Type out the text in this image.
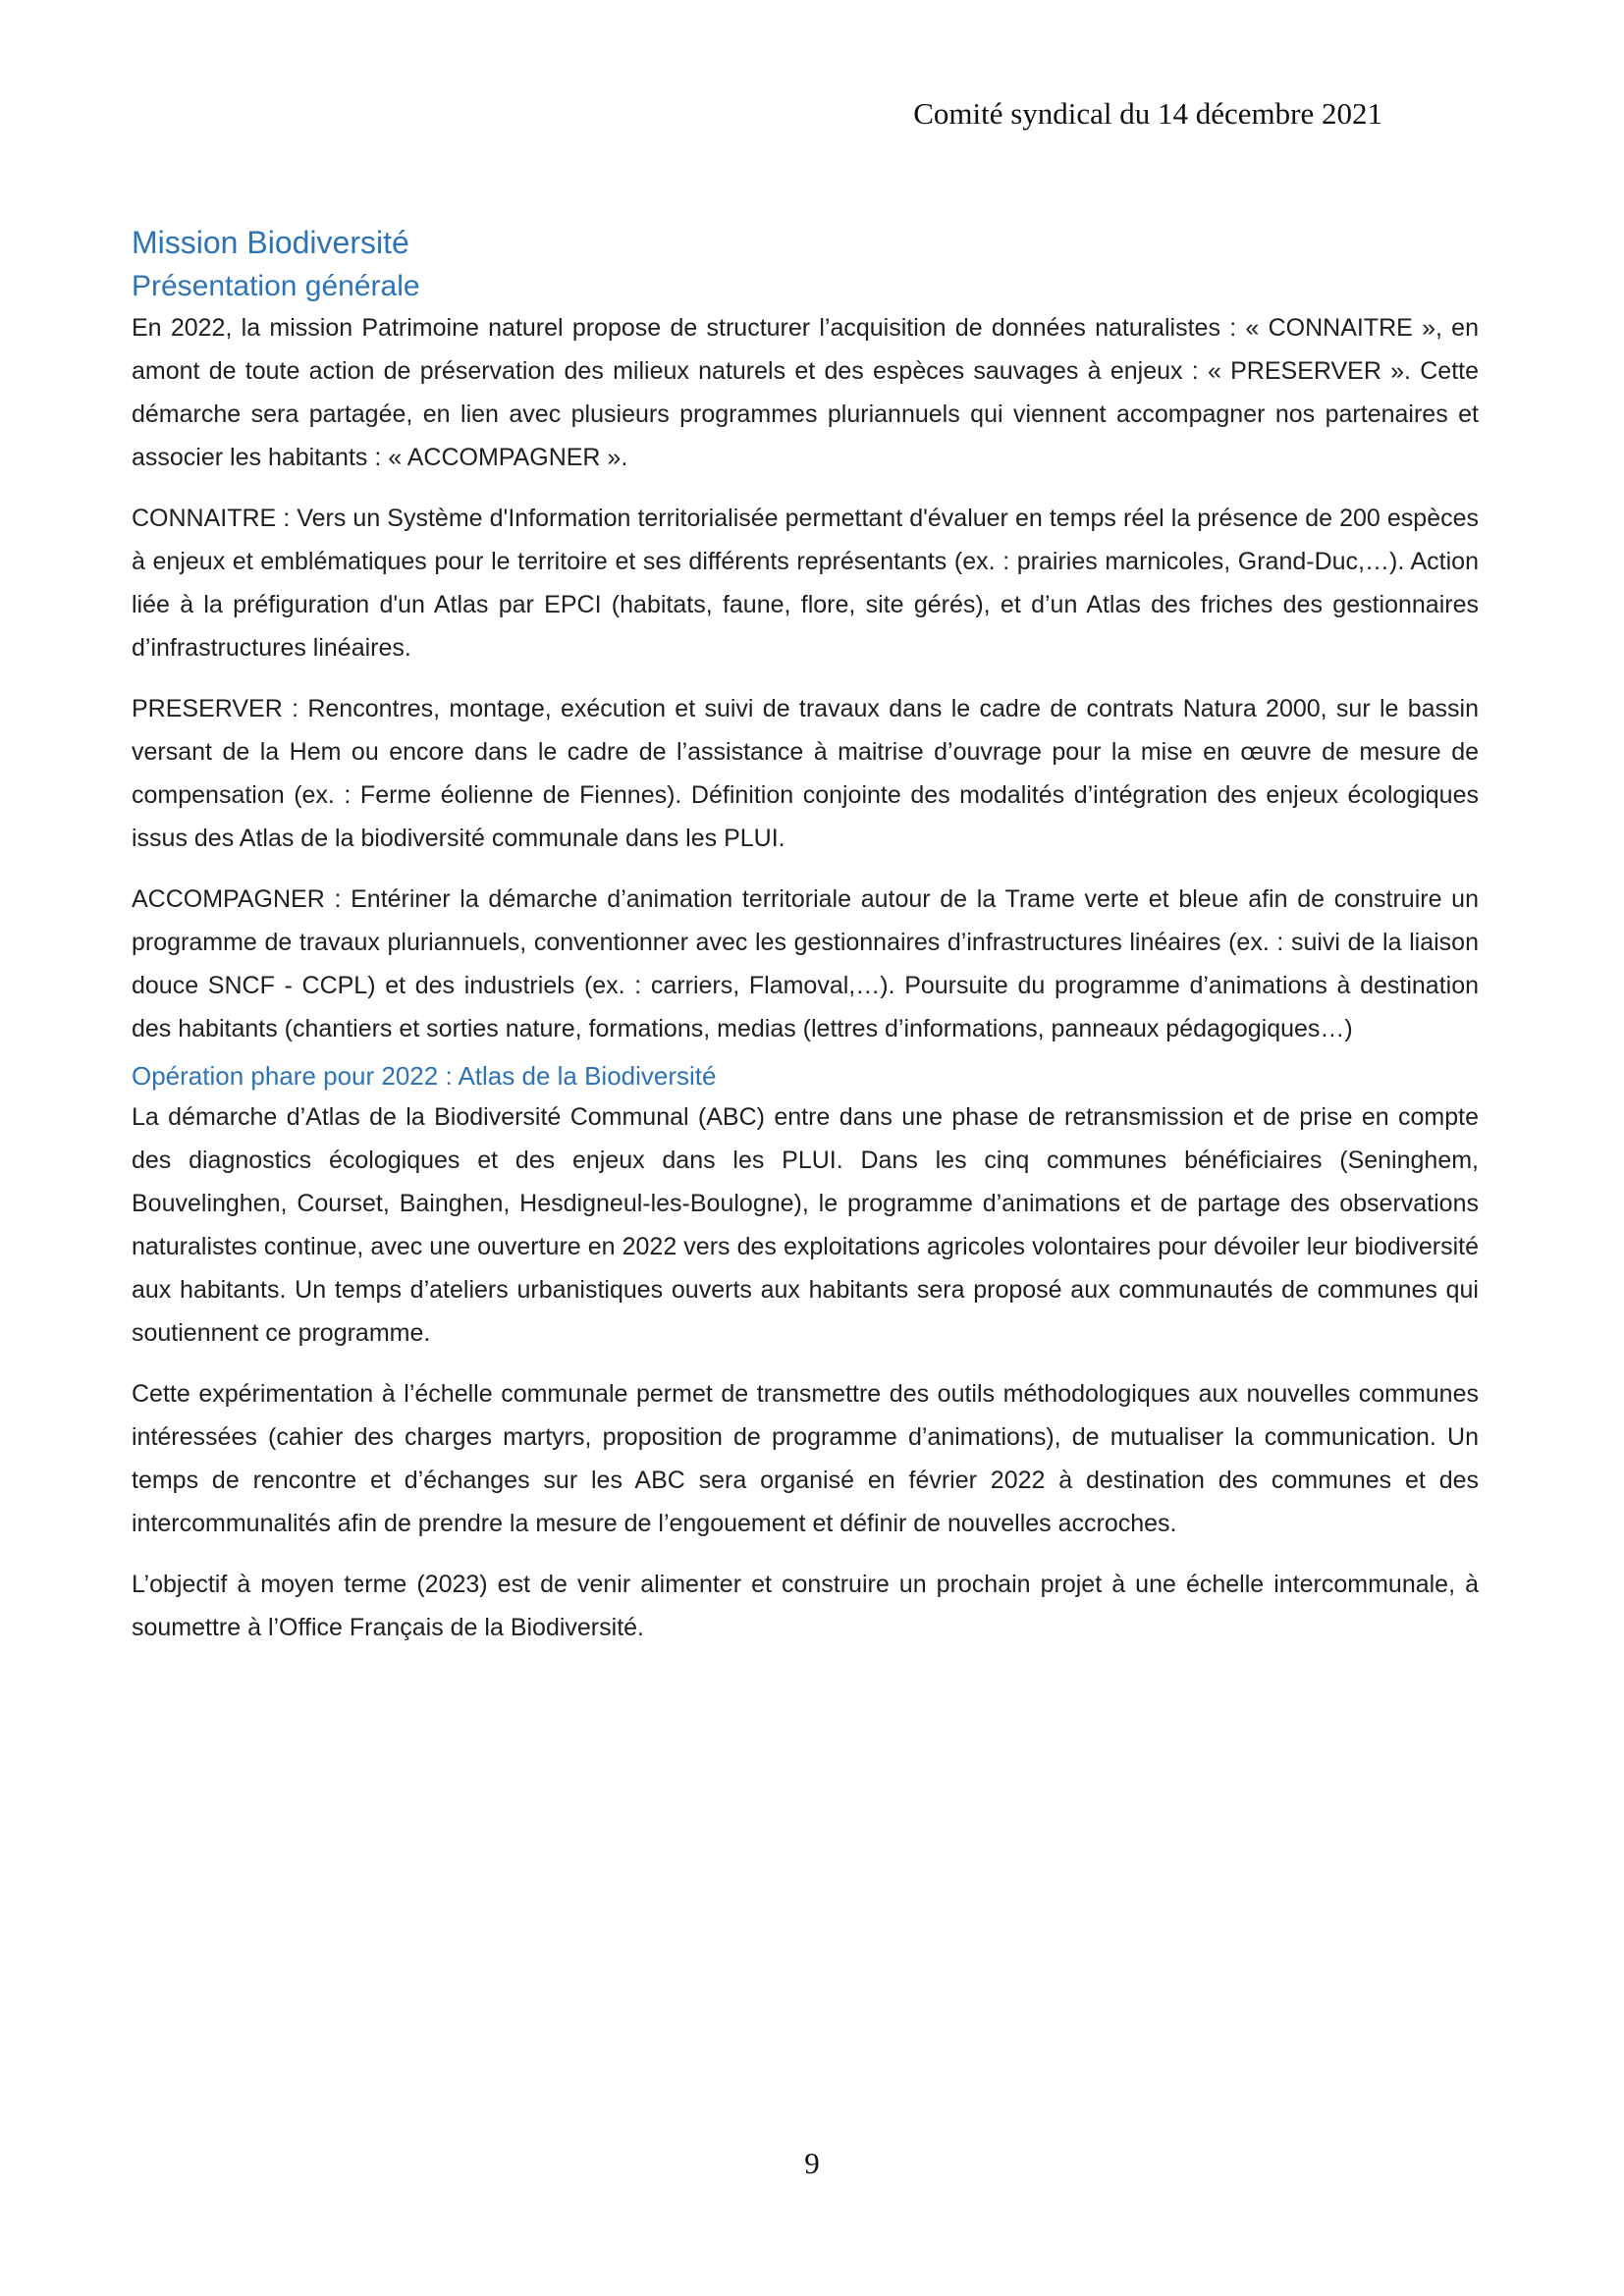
Comité syndical du 14 décembre 2021
Mission Biodiversité
Présentation générale

En 2022, la mission Patrimoine naturel propose de structurer l’acquisition de données naturalistes : « CONNAITRE », en amont de toute action de préservation des milieux naturels et des espèces sauvages à enjeux : « PRESERVER ». Cette démarche sera partagée, en lien avec plusieurs programmes pluriannuels qui viennent accompagner nos partenaires et associer les habitants : « ACCOMPAGNER ».

CONNAITRE : Vers un Système d'Information territorialisée permettant d'évaluer en temps réel la présence de 200 espèces à enjeux et emblématiques pour le territoire et ses différents représentants (ex. : prairies marnicoles, Grand-Duc,…). Action liée à la préfiguration d'un Atlas par EPCI (habitats, faune, flore, site gérés), et d’un Atlas des friches des gestionnaires d’infrastructures linéaires.

PRESERVER : Rencontres, montage, exécution et suivi de travaux dans le cadre de contrats Natura 2000, sur le bassin versant de la Hem ou encore dans le cadre de l’assistance à maitrise d’ouvrage pour la mise en œuvre de mesure de compensation (ex. : Ferme éolienne de Fiennes). Définition conjointe des modalités d’intégration des enjeux écologiques issus des Atlas de la biodiversité communale dans les PLUI.

ACCOMPAGNER : Entériner la démarche d’animation territoriale autour de la Trame verte et bleue afin de construire un programme de travaux pluriannuels, conventionner avec les gestionnaires d’infrastructures linéaires (ex. : suivi de la liaison douce SNCF - CCPL) et des industriels (ex. : carriers, Flamoval,…). Poursuite du programme d’animations à destination des habitants (chantiers et sorties nature, formations, medias (lettres d’informations, panneaux pédagogiques…)

Opération phare pour 2022 : Atlas de la Biodiversité

La démarche d’Atlas de la Biodiversité Communal (ABC) entre dans une phase de retransmission et de prise en compte des diagnostics écologiques et des enjeux dans les PLUI. Dans les cinq communes bénéficiaires (Seninghem, Bouvelinghen, Courset, Bainghen, Hesdigneul-les-Boulogne), le programme d’animations et de partage des observations naturalistes continue, avec une ouverture en 2022 vers des exploitations agricoles volontaires pour dévoiler leur biodiversité aux habitants. Un temps d’ateliers urbanistiques ouverts aux habitants sera proposé aux communautés de communes qui soutiennent ce programme.

Cette expérimentation à l’échelle communale permet de transmettre des outils méthodologiques aux nouvelles communes intéressées (cahier des charges martyrs, proposition de programme d’animations), de mutualiser la communication. Un temps de rencontre et d’échanges sur les ABC sera organisé en février 2022 à destination des communes et des intercommunalités afin de prendre la mesure de l’engouement et définir de nouvelles accroches.

L’objectif à moyen terme (2023) est de venir alimenter et construire un prochain projet à une échelle intercommunale, à soumettre à l’Office Français de la Biodiversité.

9
